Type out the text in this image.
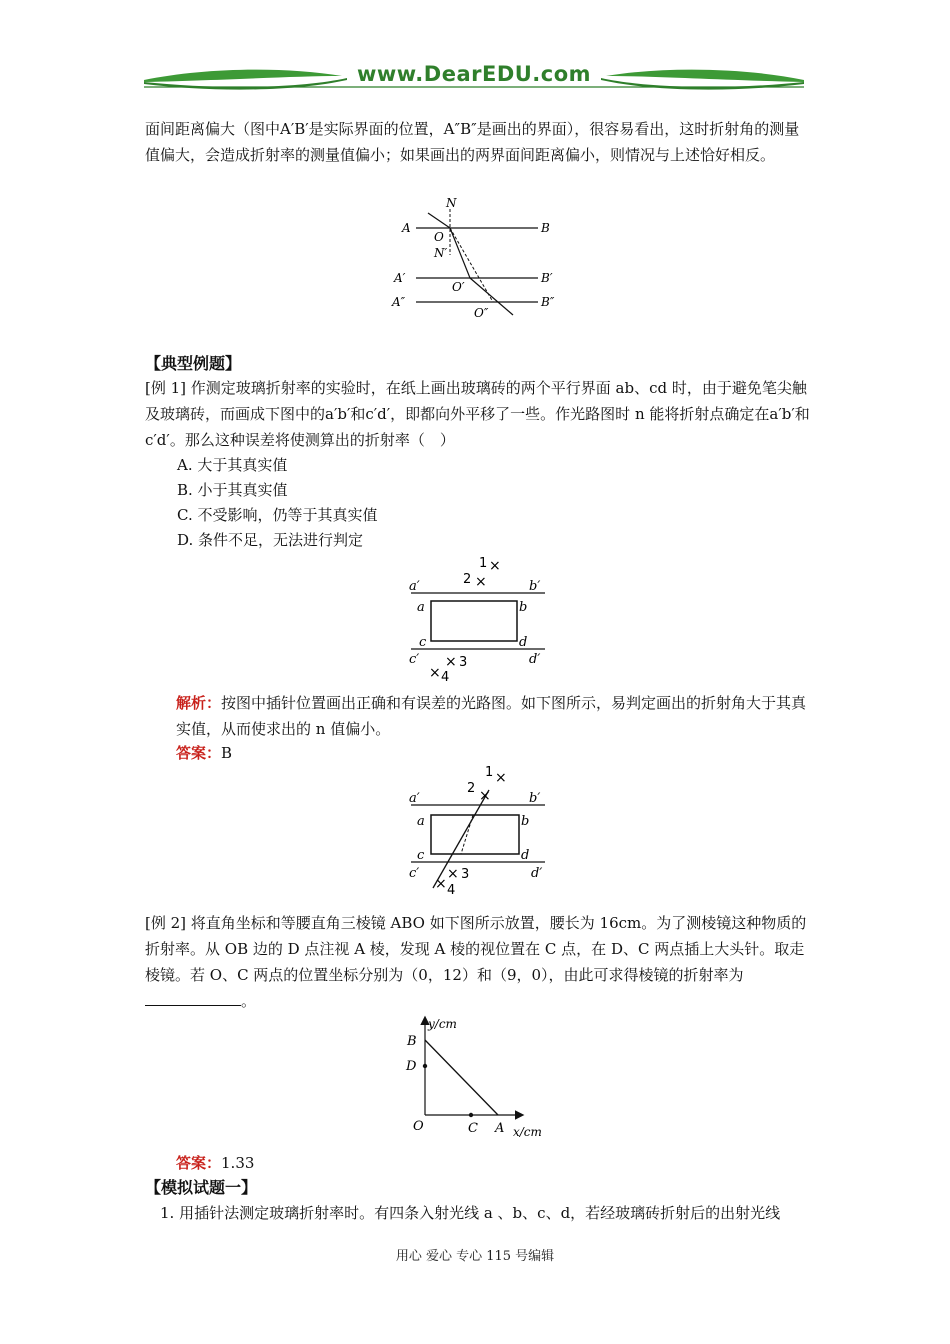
www.DearEDU.com

面间距离偏大（图中A′B′是实际界面的位置，A″B″是画出的界面），很容易看出，这时折射角的测量值偏大，会造成折射率的测量值偏小；如果画出的两界面间距离偏小，则情况与上述恰好相反。

N
A	B
O
N′
A′	B′
O′
A″	B″
O″
【典型例题】

[例 1] 作测定玻璃折射率的实验时，在纸上画出玻璃砖的两个平行界面 ab、cd 时，由于避免笔尖触及玻璃砖，而画成下图中的a′b′和c′d′，即都向外平移了一些。作光路图时 n 能将折射点确定在a′b′和c′d′。那么这种误差将使测算出的折射率（　）

A. 大于其真实值

B. 小于其真实值

C. 不受影响，仍等于其真实值

D. 条件不足，无法进行判定

1 ×
2 ×
× 3
× 4
a′	b′
a	b
c	d
c′	d′

解析：按图中插针位置画出正确和有误差的光路图。如下图所示，易判定画出的折射角大于其真实值，从而使求出的 n 值偏小。

答案：B

1 ×
2 ×
× 3
× 4
a′	b′
a	b
c	d
c′	d′

[例 2] 将直角坐标和等腰直角三棱镜 ABO 如下图所示放置，腰长为 16cm。为了测棱镜这种物质的折射率。从 OB 边的 D 点注视 A 棱，发现 A 棱的视位置在 C 点，在 D、C 两点插上大头针。取走棱镜。若 O、C 两点的位置坐标分别为（0，12）和（9，0），由此可求得棱镜的折射率为。

y/cm
x/cm
B
D
O	C A

答案：1.33

【模拟试题一】

1. 用插针法测定玻璃折射率时。有四条入射光线 a 、b、c、d，若经玻璃砖折射后的出射光线

用心 爱心 专心 115 号编辑
